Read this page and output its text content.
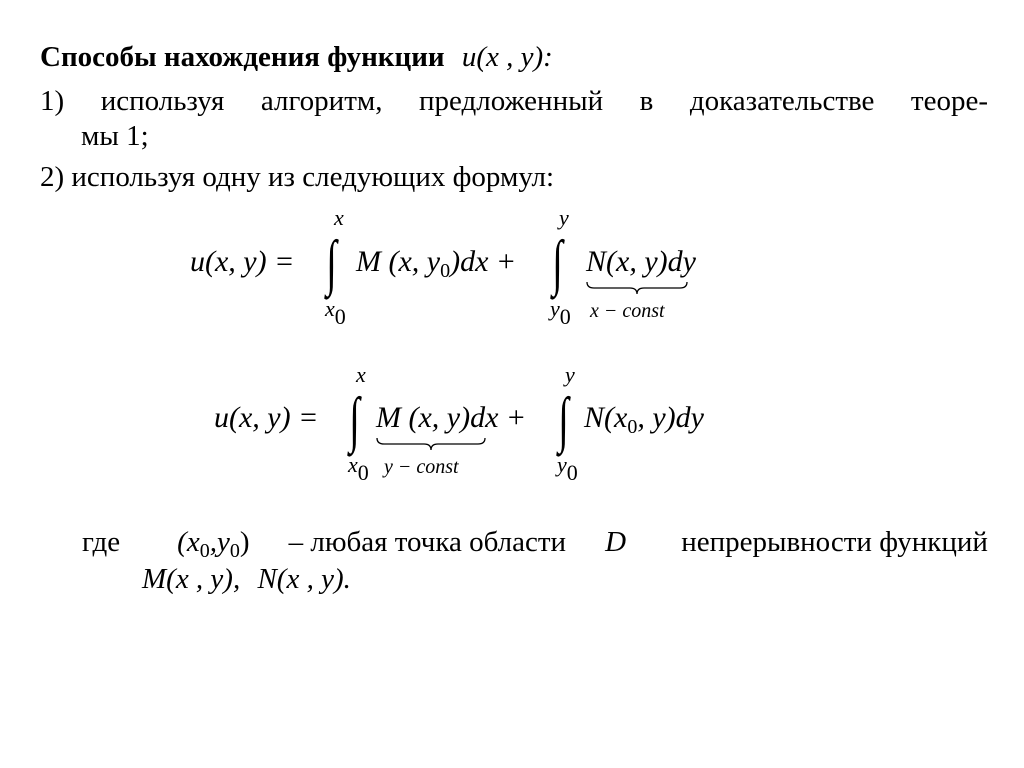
Способы нахождения функции u(x , y):
1) используя алгоритм, предложенный в доказательстве теоре-
мы 1;
2) используя одну из следующих формул:
u(x, y) =
x
∫
x0
M (x, $y_0)dx$ +
y
∫
y0
N(x, y)dy
x − const
u(x, y) =
x
∫
x0
M (x, y)dx +
y − const
y
∫
y0
$N(x_0$, y)dy
где $(x_0,y_0)$ – любая точка области D непрерывности функций
M(x , y), N(x , y).
